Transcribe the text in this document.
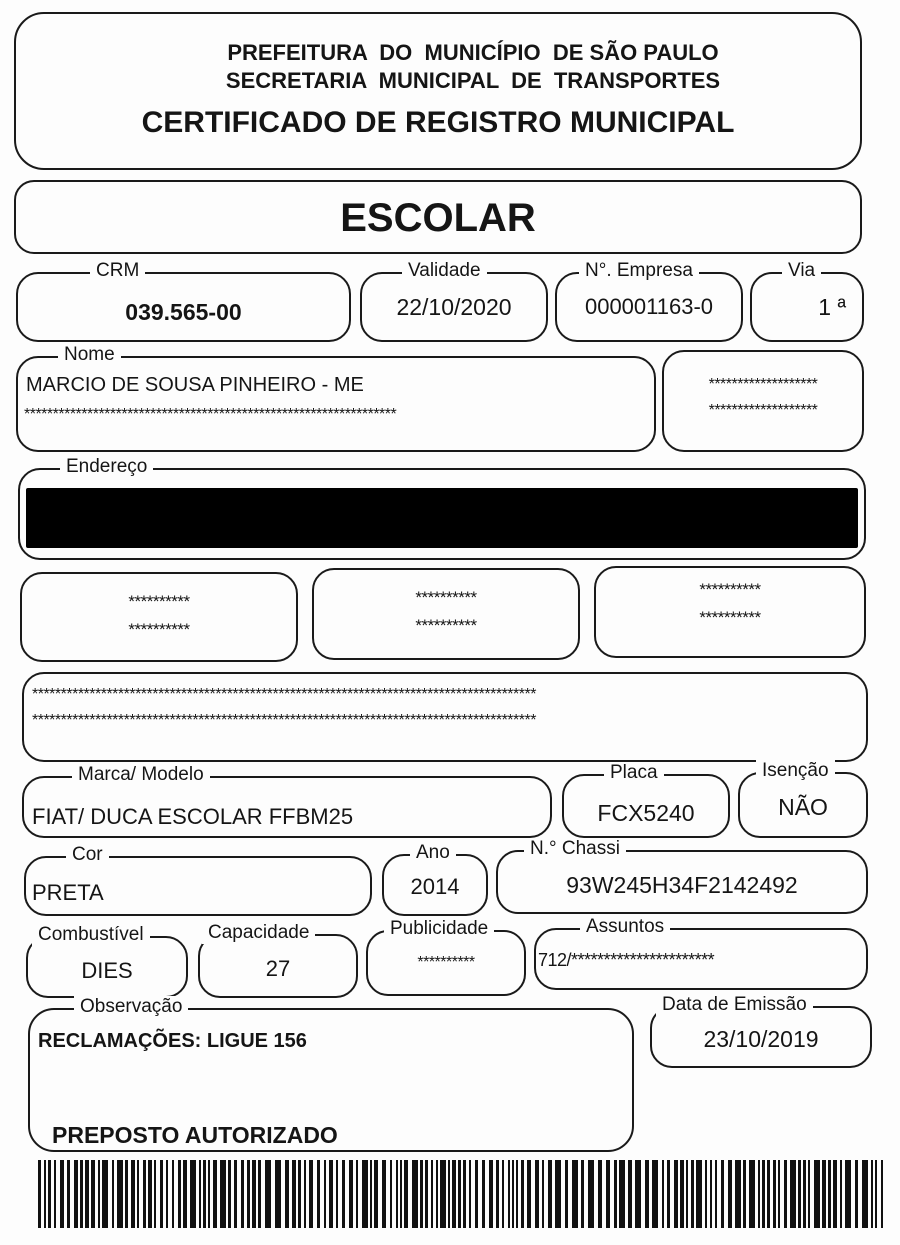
PREFEITURA  DO  MUNICÍPIO  DE SÃO PAULO
SECRETARIA  MUNICIPAL  DE  TRANSPORTES
CERTIFICADO DE REGISTRO MUNICIPAL
ESCOLAR
CRM
039.565-00
Validade
22/10/2020
N°. Empresa
000001163-0
Via
1 ª
Nome
MARCIO DE SOUSA PINHEIRO - ME
*****************************************************************
*******************
*******************
Endereço
**********
**********
**********
**********
**********
**********
****************************************************************************************
****************************************************************************************
Marca/ Modelo
FIAT/ DUCA ESCOLAR FFBM25
Placa
FCX5240
Isenção
NÃO
Cor
PRETA
Ano
2014
N.° Chassi
93W245H34F2142492
Combustível
DIES
Capacidade
27
Publicidade
**********
Assuntos
712/**********************
Observação
RECLAMAÇÕES: LIGUE 156
PREPOSTO AUTORIZADO
Data de Emissão
23/10/2019
